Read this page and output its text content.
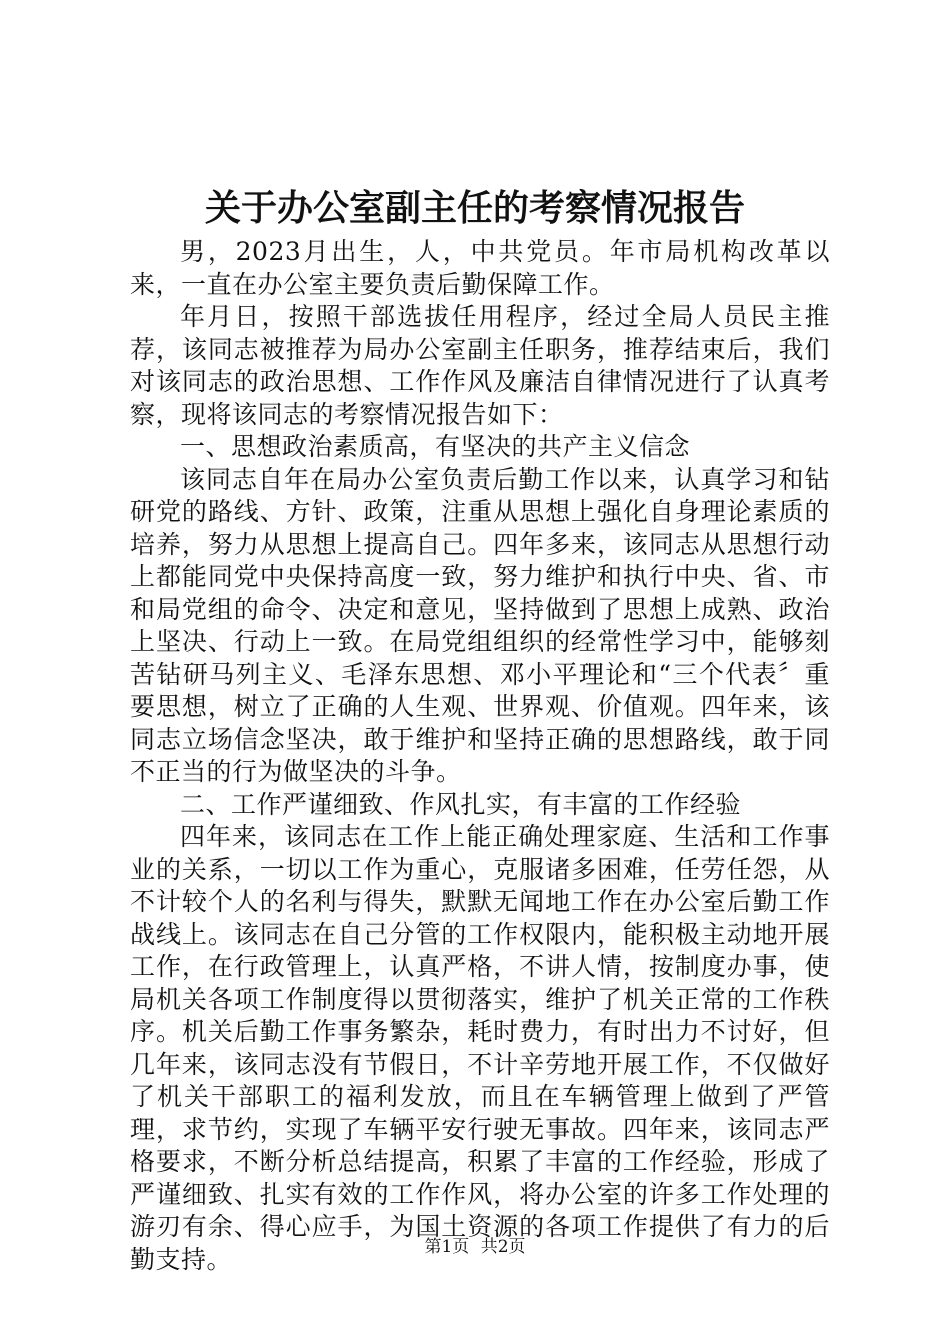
关于办公室副主任的考察情况报告

男，2023月出生，人，中共党员。年市局机构改革以来，一直在办公室主要负责后勤保障工作。

年月日，按照干部选拔任用程序，经过全局人员民主推荐，该同志被推荐为局办公室副主任职务，推荐结束后，我们对该同志的政治思想、工作作风及廉洁自律情况进行了认真考察，现将该同志的考察情况报告如下：

一、思想政治素质高，有坚决的共产主义信念

该同志自年在局办公室负责后勤工作以来，认真学习和钻研党的路线、方针、政策，注重从思想上强化自身理论素质的培养，努力从思想上提高自己。四年多来，该同志从思想行动上都能同党中央保持高度一致，努力维护和执行中央、省、市和局党组的命令、决定和意见，坚持做到了思想上成熟、政治上坚决、行动上一致。在局党组组织的经常性学习中，能够刻苦钻研马列主义、毛泽东思想、邓小平理论和“三个代表〞重要思想，树立了正确的人生观、世界观、价值观。四年来，该同志立场信念坚决，敢于维护和坚持正确的思想路线，敢于同不正当的行为做坚决的斗争。

二、工作严谨细致、作风扎实，有丰富的工作经验

四年来，该同志在工作上能正确处理家庭、生活和工作事业的关系，一切以工作为重心，克服诸多困难，任劳任怨，从不计较个人的名利与得失，默默无闻地工作在办公室后勤工作战线上。该同志在自己分管的工作权限内，能积极主动地开展工作，在行政管理上，认真严格，不讲人情，按制度办事，使局机关各项工作制度得以贯彻落实，维护了机关正常的工作秩序。机关后勤工作事务繁杂，耗时费力，有时出力不讨好，但几年来，该同志没有节假日，不计辛劳地开展工作，不仅做好了机关干部职工的福利发放，而且在车辆管理上做到了严管理，求节约，实现了车辆平安行驶无事故。四年来，该同志严格要求，不断分析总结提高，积累了丰富的工作经验，形成了严谨细致、扎实有效的工作作风，将办公室的许多工作处理的游刃有余、得心应手，为国土资源的各项工作提供了有力的后勤支持。	第1页 共2页
